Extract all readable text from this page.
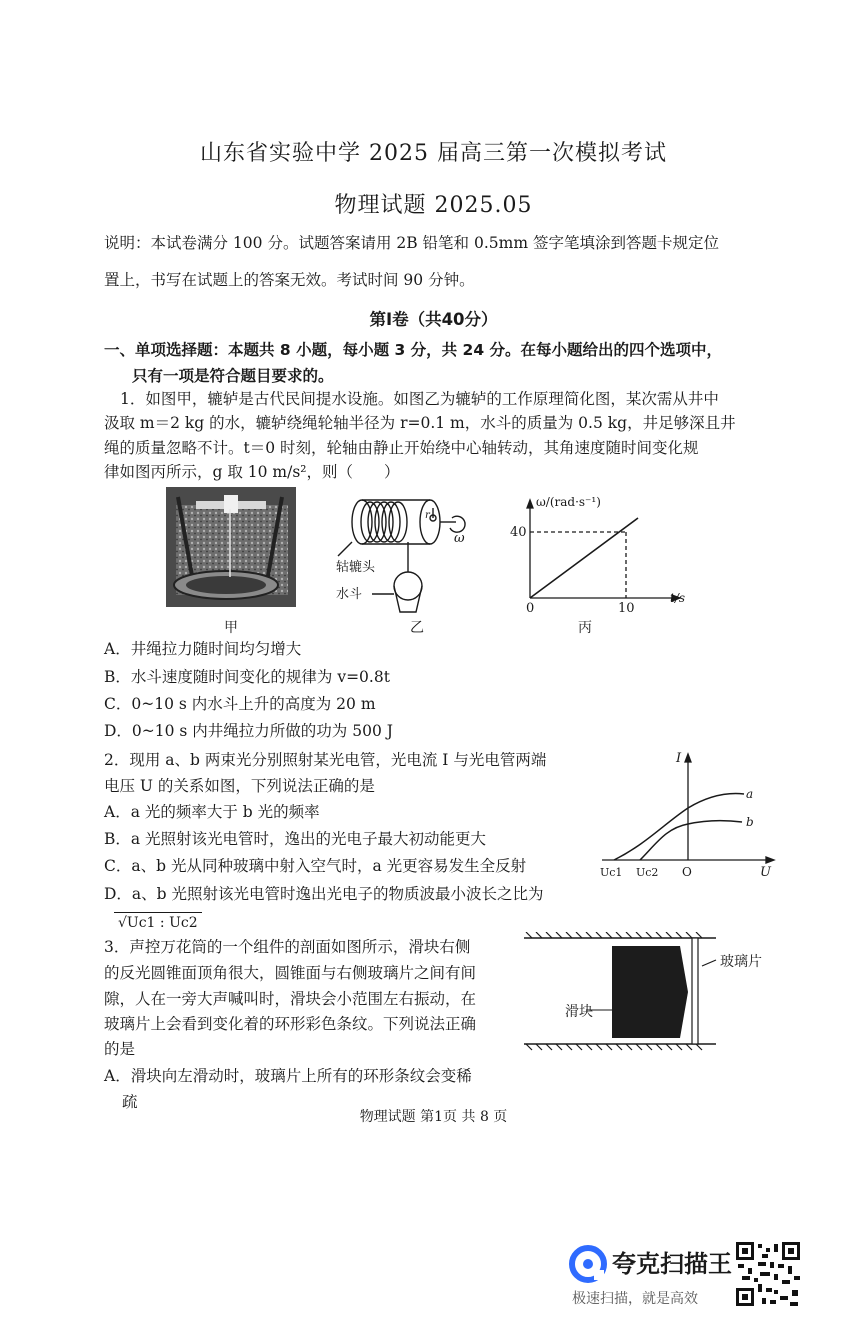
山东省实验中学 2025 届高三第一次模拟考试
物理试题 2025.05
说明：本试卷满分 100 分。试题答案请用 2B 铅笔和 0.5mm 签字笔填涂到答题卡规定位
置上，书写在试题上的答案无效。考试时间 90 分钟。
第Ⅰ卷（共40分）
一、单项选择题：本题共 8 小题，每小题 3 分，共 24 分。在每小题给出的四个选项中，
只有一项是符合题目要求的。
1．如图甲，辘轳是古代民间提水设施。如图乙为辘轳的工作原理简化图，某次需从井中
汲取 m＝2 kg 的水，辘轳绕绳轮轴半径为 r=0.1 m，水斗的质量为 0.5 kg，井足够深且井
绳的质量忽略不计。t＝0 时刻，轮轴由静止开始绕中心轴转动，其角速度随时间变化规
律如图丙所示，g 取 10 m/s²，则（　　）
甲
r
ω
轱辘头
水斗
乙
ω/(rad·s⁻¹)
40
0	10
t/s
丙
A．井绳拉力随时间均匀增大
B．水斗速度随时间变化的规律为 v=0.8t
C．0~10 s 内水斗上升的高度为 20 m
D．0~10 s 内井绳拉力所做的功为 500 J
2．现用 a、b 两束光分别照射某光电管，光电流 I 与光电管两端
电压 U 的关系如图，下列说法正确的是
A．a 光的频率大于 b 光的频率
B．a 光照射该光电管时，逸出的光电子最大初动能更大
C．a、b 光从同种玻璃中射入空气时，a 光更容易发生全反射
D．a、b 光照射该光电管时逸出光电子的物质波最小波长之比为
√Uc1 : Uc2
I
a
b
Uc1 Uc2 O	U
3．声控万花筒的一个组件的剖面如图所示，滑块右侧
的反光圆锥面顶角很大，圆锥面与右侧玻璃片之间有间
隙，人在一旁大声喊叫时，滑块会小范围左右振动，在
玻璃片上会看到变化着的环形彩色条纹。下列说法正确
的是
A．滑块向左滑动时，玻璃片上所有的环形条纹会变稀
疏
玻璃片
滑块
物理试题 第1页 共 8 页
夸克扫描王
极速扫描，就是高效
